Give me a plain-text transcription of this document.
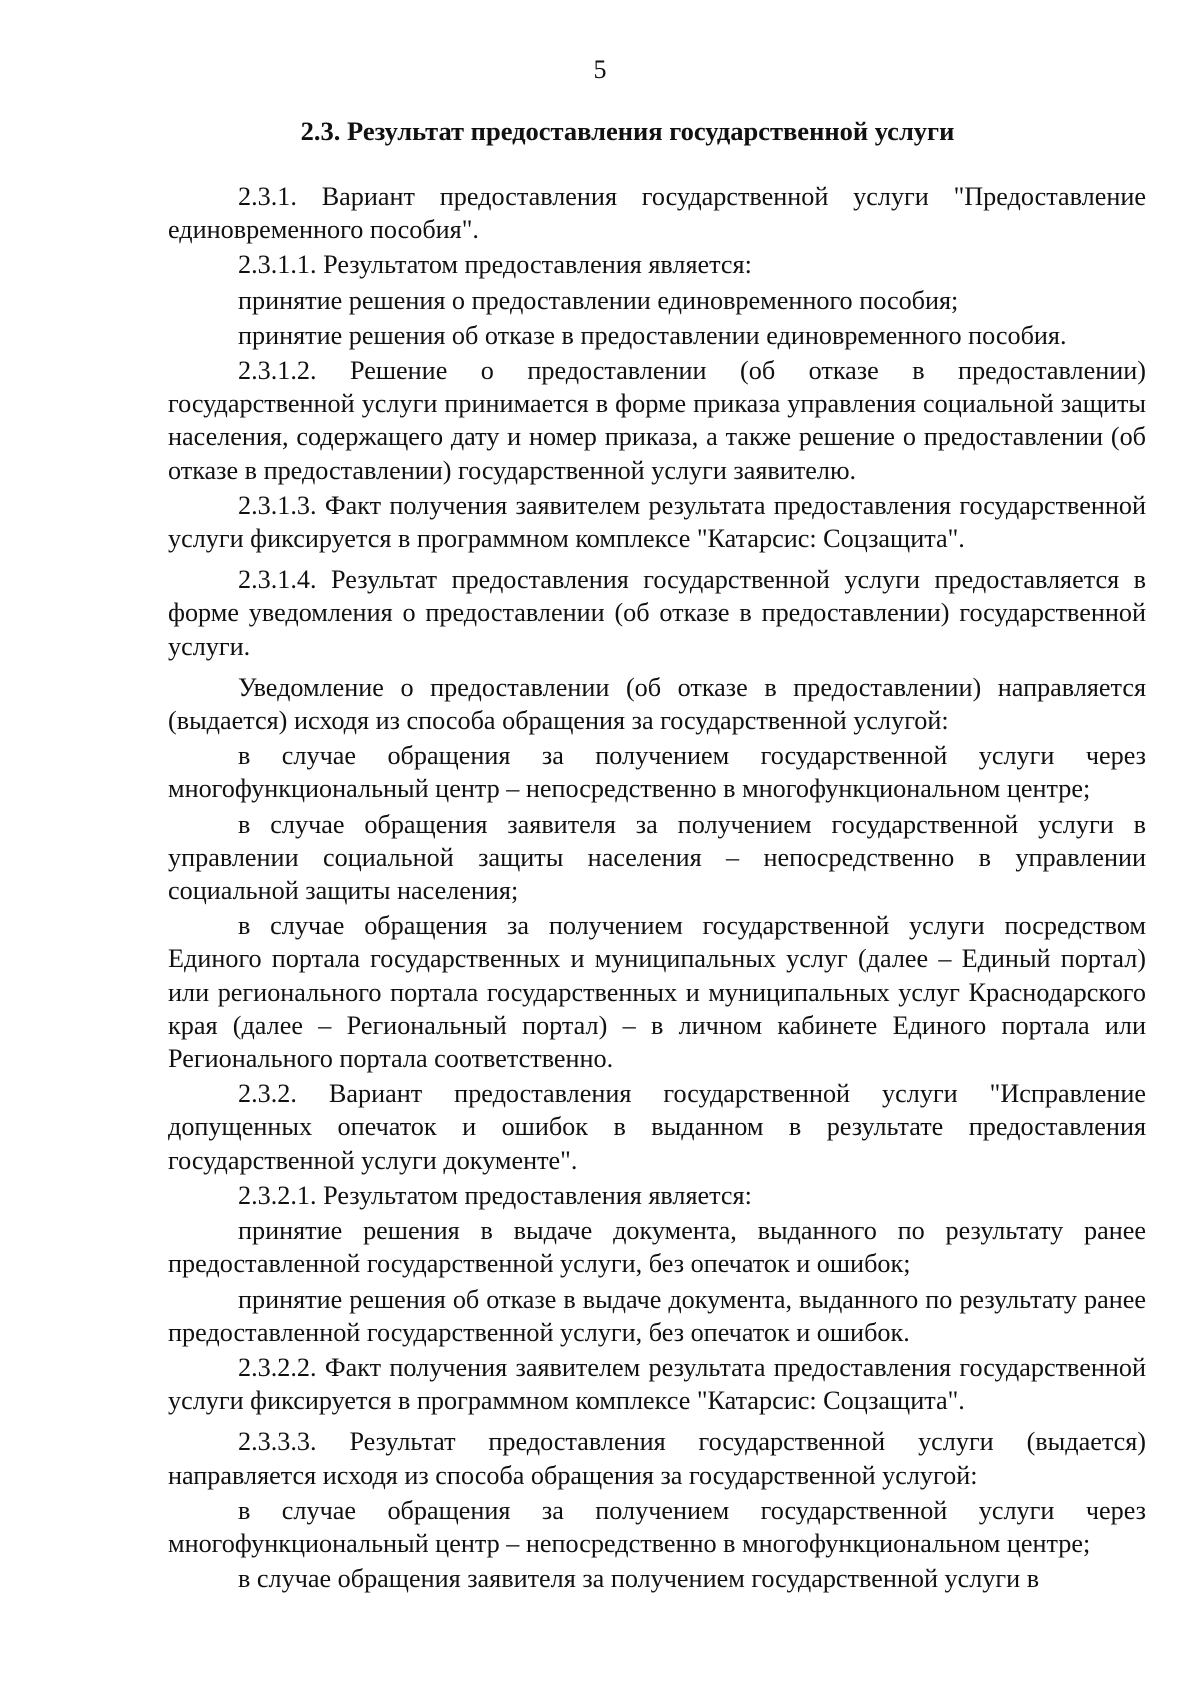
5
2.3. Результат предоставления государственной услуги

2.3.1. Вариант предоставления государственной услуги "Предоставление единовременного пособия".

2.3.1.1. Результатом предоставления является:

принятие решения о предоставлении единовременного пособия;

принятие решения об отказе в предоставлении единовременного пособия.

2.3.1.2. Решение о предоставлении (об отказе в предоставлении) государственной услуги принимается в форме приказа управления социальной защиты населения, содержащего дату и номер приказа, а также решение о предоставлении (об отказе в предоставлении) государственной услуги заявителю.

2.3.1.3. Факт получения заявителем результата предоставления государственной услуги фиксируется в программном комплексе "Катарсис: Соцзащита".

2.3.1.4. Результат предоставления государственной услуги предоставляется в форме уведомления о предоставлении (об отказе в предоставлении) государственной услуги.

Уведомление о предоставлении (об отказе в предоставлении) направляется (выдается) исходя из способа обращения за государственной услугой:

в случае обращения за получением государственной услуги через многофункциональный центр – непосредственно в многофункциональном центре;

в случае обращения заявителя за получением государственной услуги в управлении социальной защиты населения – непосредственно в управлении социальной защиты населения;

в случае обращения за получением государственной услуги посредством Единого портала государственных и муниципальных услуг (далее – Единый портал) или регионального портала государственных и муниципальных услуг Краснодарского края (далее – Региональный портал) – в личном кабинете Единого портала или Регионального портала соответственно.

2.3.2. Вариант предоставления государственной услуги "Исправление допущенных опечаток и ошибок в выданном в результате предоставления государственной услуги документе".

2.3.2.1. Результатом предоставления является:

принятие решения в выдаче документа, выданного по результату ранее предоставленной государственной услуги, без опечаток и ошибок;

принятие решения об отказе в выдаче документа, выданного по результату ранее предоставленной государственной услуги, без опечаток и ошибок.

2.3.2.2. Факт получения заявителем результата предоставления государственной услуги фиксируется в программном комплексе "Катарсис: Соцзащита".

2.3.3.3. Результат предоставления государственной услуги (выдается) направляется исходя из способа обращения за государственной услугой:

в случае обращения за получением государственной услуги через многофункциональный центр – непосредственно в многофункциональном центре;

в случае обращения заявителя за получением государственной услуги в
